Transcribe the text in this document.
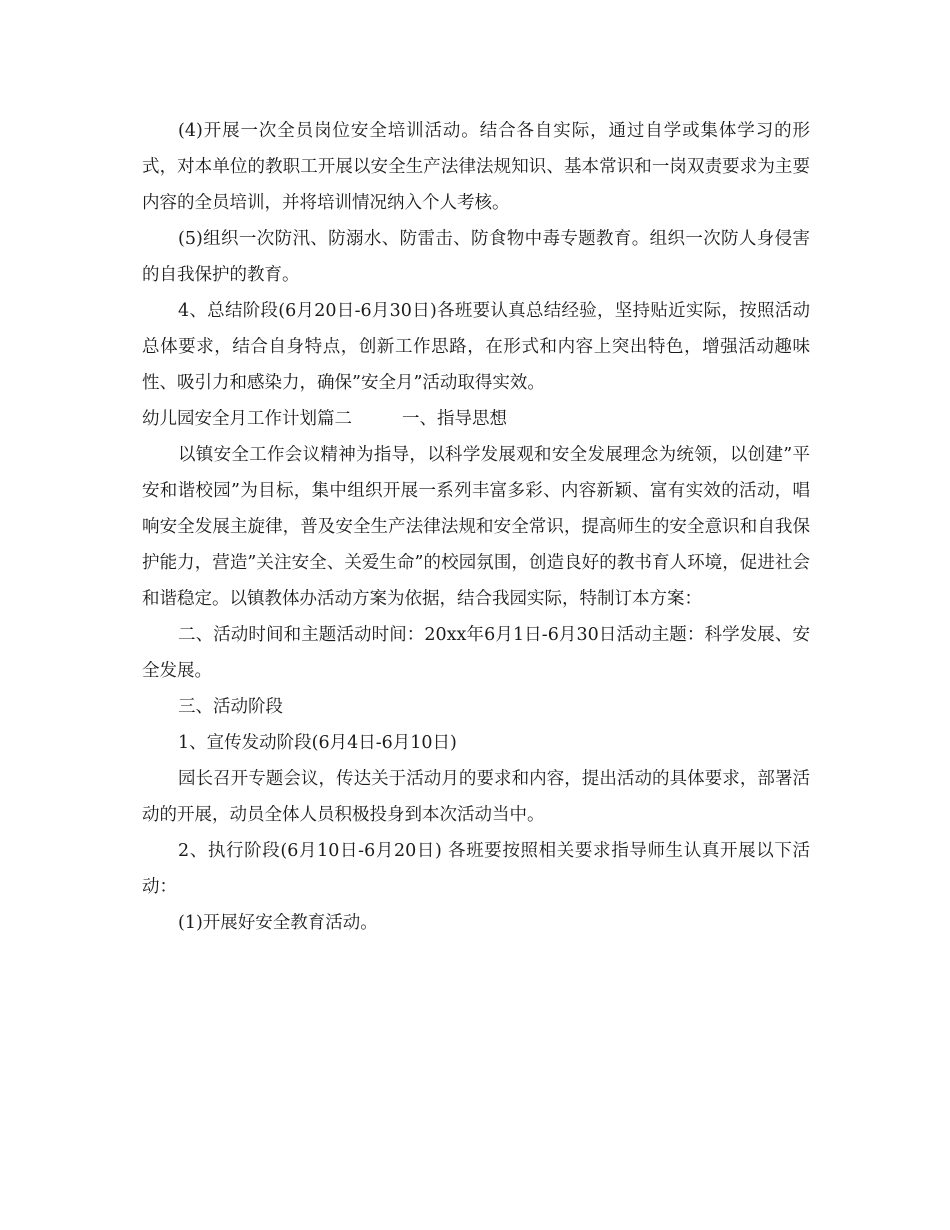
(4)开展一次全员岗位安全培训活动。结合各自实际，通过自学或集体学习的形式，对本单位的教职工开展以安全生产法律法规知识、基本常识和一岗双责要求为主要内容的全员培训，并将培训情况纳入个人考核。

(5)组织一次防汛、防溺水、防雷击、防食物中毒专题教育。组织一次防人身侵害的自我保护的教育。

4、总结阶段(6月20日-6月30日)各班要认真总结经验，坚持贴近实际，按照活动总体要求，结合自身特点，创新工作思路，在形式和内容上突出特色，增强活动趣味性、吸引力和感染力，确保”安全月”活动取得实效。

幼儿园安全月工作计划篇二	一、指导思想

以镇安全工作会议精神为指导，以科学发展观和安全发展理念为统领，以创建”平安和谐校园”为目标，集中组织开展一系列丰富多彩、内容新颖、富有实效的活动，唱响安全发展主旋律，普及安全生产法律法规和安全常识，提高师生的安全意识和自我保护能力，营造”关注安全、关爱生命”的校园氛围，创造良好的教书育人环境，促进社会和谐稳定。以镇教体办活动方案为依据，结合我园实际，特制订本方案：

二、活动时间和主题活动时间：20xx年6月1日-6月30日活动主题：科学发展、安全发展。

三、活动阶段

1、宣传发动阶段(6月4日-6月10日)

园长召开专题会议，传达关于活动月的要求和内容，提出活动的具体要求，部署活动的开展，动员全体人员积极投身到本次活动当中。

2、执行阶段(6月10日-6月20日) 各班要按照相关要求指导师生认真开展以下活动：

(1)开展好安全教育活动。
